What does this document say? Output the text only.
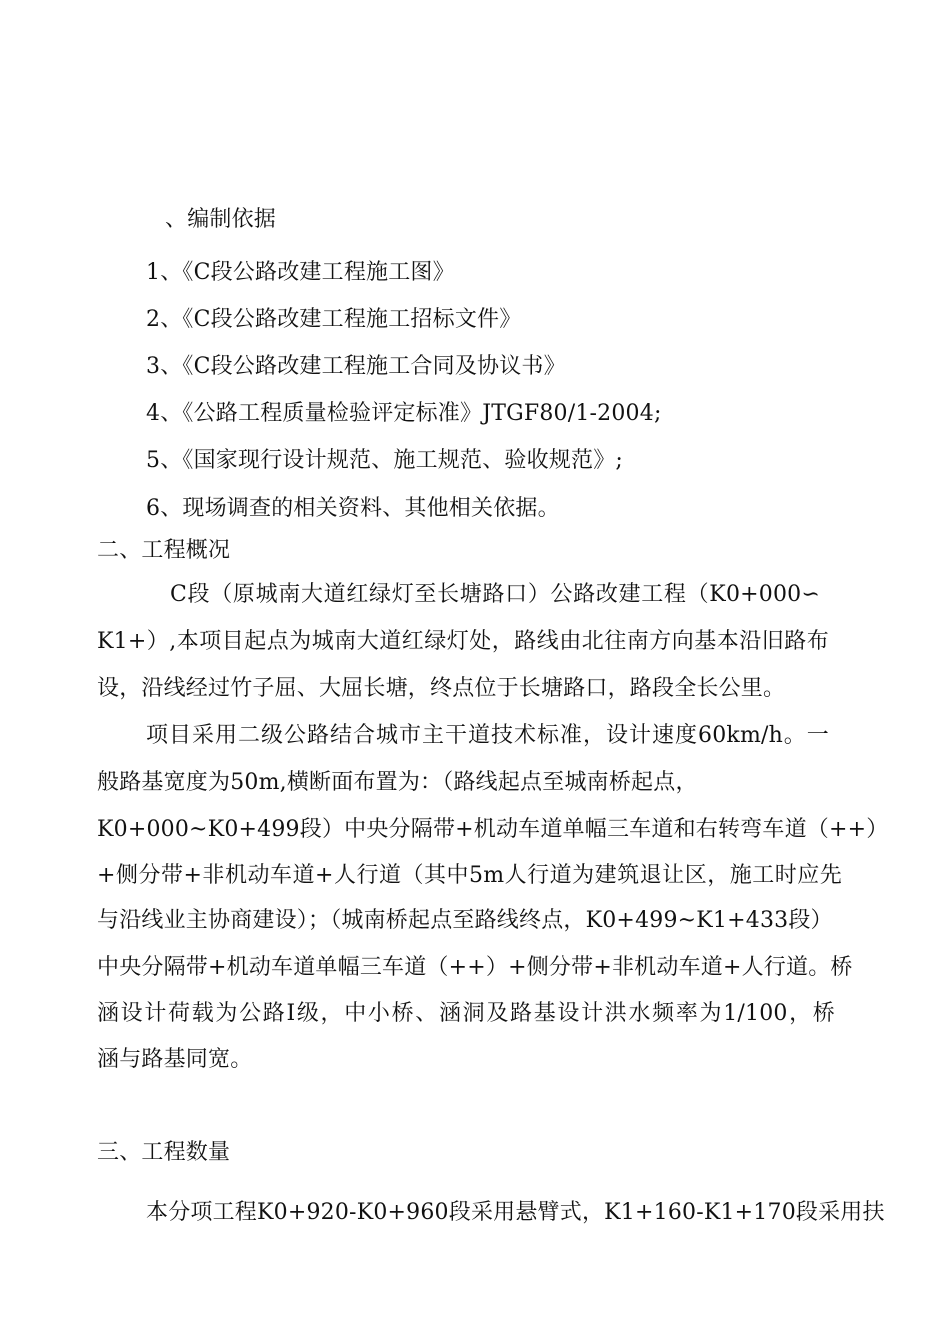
、编制依据
1、《C段公路改建工程施工图》
2、《C段公路改建工程施工招标文件》
3、《C段公路改建工程施工合同及协议书》
4、《公路工程质量检验评定标准》JTGF80/1-2004;
5、《国家现行设计规范、施工规范、验收规范》;
6、现场调查的相关资料、其他相关依据。
二、工程概况
C段（原城南大道红绿灯至长塘路口）公路改建工程（K0+000∽
K1+）,本项目起点为城南大道红绿灯处，路线由北往南方向基本沿旧路布
设，沿线经过竹子屈、大屈长塘，终点位于长塘路口，路段全长公里。
项目采用二级公路结合城市主干道技术标准，设计速度60km/h。一
般路基宽度为50m,横断面布置为：（路线起点至城南桥起点，
K0+000~K0+499段）中央分隔带+机动车道单幅三车道和右转弯车道（++）
+侧分带+非机动车道+人行道（其中5m人行道为建筑退让区，施工时应先
与沿线业主协商建设）；（城南桥起点至路线终点，K0+499~K1+433段）
中央分隔带+机动车道单幅三车道（++）+侧分带+非机动车道+人行道。桥
涵设计荷载为公路Ⅰ级，中小桥、涵洞及路基设计洪水频率为1/100，桥
涵与路基同宽。
三、工程数量
本分项工程K0+920-K0+960段采用悬臂式，K1+160-K1+170段采用扶
